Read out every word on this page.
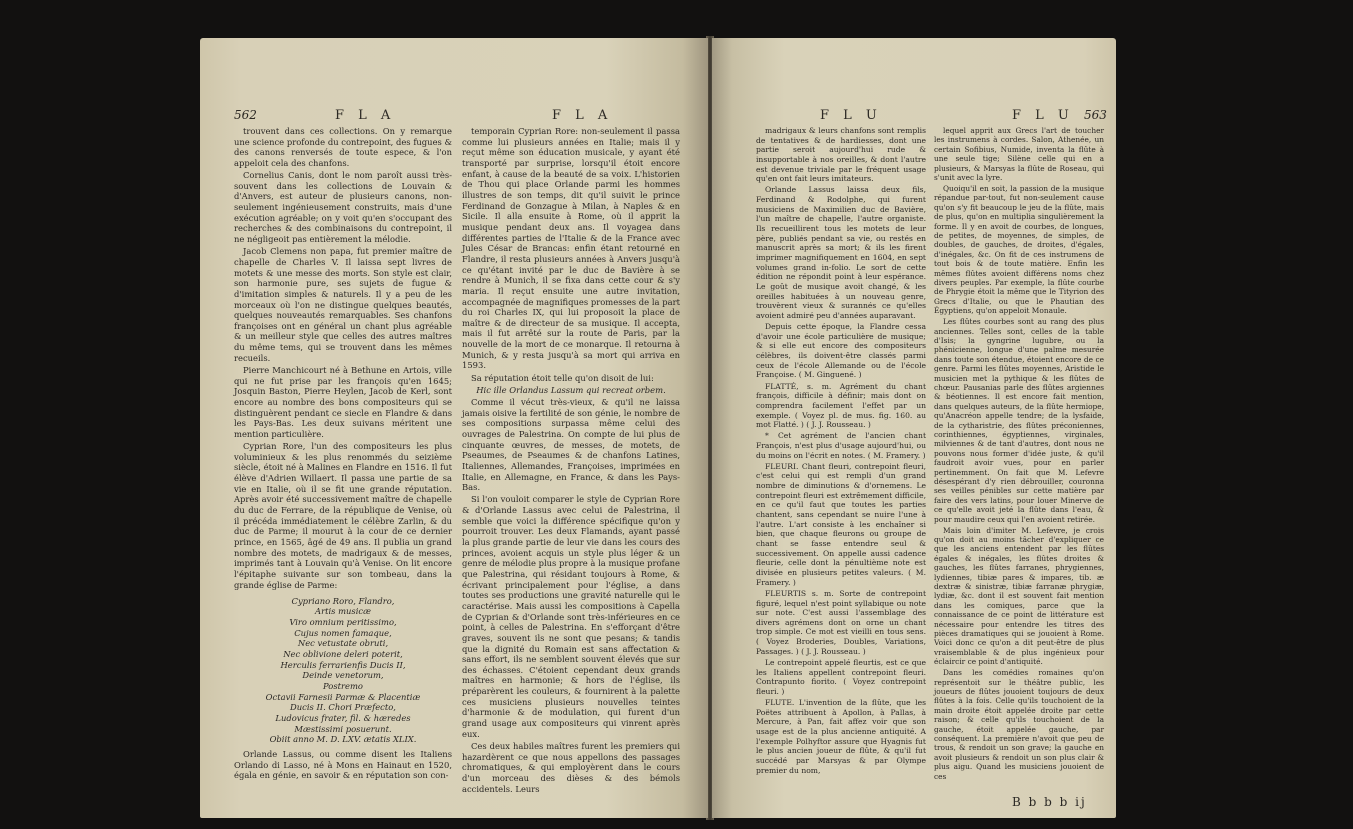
562	F L A	F L A

trouvent dans ces collections. On y remarque une science profonde du contrepoint, des fugues & des canons renversés de toute espece, & l'on appeloit cela des chanfons.

Cornelius Canis, dont le nom paroît aussi très-souvent dans les collections de Louvain & d'Anvers, est auteur de plusieurs canons, non-seulement ingénieusement construits, mais d'une exécution agréable; on y voit qu'en s'occupant des recherches & des combinaisons du contrepoint, il ne négligeoit pas entièrement la mélodie.

Jacob Clemens non papa, fut premier maître de chapelle de Charles V. Il laissa sept livres de motets & une messe des morts. Son style est clair, son harmonie pure, ses sujets de fugue & d'imitation simples & naturels. Il y a peu de les morceaux où l'on ne distingue quelques beautés, quelques nouveautés remarquables. Ses chanfons françoises ont en général un chant plus agréable & un meilleur style que celles des autres maîtres du même tems, qui se trouvent dans les mêmes recueils.

Pierre Manchicourt né à Bethune en Artois, ville qui ne fut prise par les françois qu'en 1645; Josquin Baston, Pierre Heylen, Jacob de Kerl, sont encore au nombre des bons compositeurs qui se distinguèrent pendant ce siecle en Flandre & dans les Pays-Bas. Les deux suivans méritent une mention particulière.

Cyprian Rore, l'un des compositeurs les plus voluminieux & les plus renommés du seizième siècle, étoit né à Malines en Flandre en 1516. Il fut élève d'Adrien Willaert. Il passa une partie de sa vie en Italie, où il se fit une grande réputation. Après avoir été successivement maître de chapelle du duc de Ferrare, de la république de Venise, où il précéda immédiatement le célèbre Zarlin, & du duc de Parme; il mourut à la cour de ce dernier prince, en 1565, âgé de 49 ans. Il publia un grand nombre des motets, de madrigaux & de messes, imprimés tant à Louvain qu'à Venise. On lit encore l'épitaphe suivante sur son tombeau, dans la grande église de Parme:

Cypriano Roro, Flandro,

Artis musicæ

Viro omnium peritissimo,

Cujus nomen famaque,

Nec vetustate obruti,

Nec oblivione deleri poterit,

Herculis ferrarienfis Ducis II,

Deinde venetorum,

Postremo

Octavii Farnesii Parmæ & Placentiæ

Ducis II. Chori Præfecto,

Ludovicus frater, fil. & hæredes

Mæstissimi posuerunt.

Obiit anno M. D. LXV. ætatis XLIX.

Orlande Lassus, ou comme disent les Italiens Orlando di Lasso, né à Mons en Hainaut en 1520, égala en génie, en savoir & en réputation son con-

temporain Cyprian Rore: non-seulement il passa comme lui plusieurs années en Italie; mais il y reçut même son éducation musicale, y ayant été transporté par surprise, lorsqu'il étoit encore enfant, à cause de la beauté de sa voix. L'historien de Thou qui place Orlande parmi les hommes illustres de son temps, dit qu'il suivit le prince Ferdinand de Gonzague à Milan, à Naples & en Sicile. Il alla ensuite à Rome, où il apprit la musique pendant deux ans. Il voyagea dans différentes parties de l'Italie & de la France avec Jules César de Brancas: enfin étant retourné en Flandre, il resta plusieurs années à Anvers jusqu'à ce qu'étant invité par le duc de Bavière à se rendre à Munich, il se fixa dans cette cour & s'y maria. Il reçut ensuite une autre invitation, accompagnée de magnifiques promesses de la part du roi Charles IX, qui lui proposoit la place de maître & de directeur de sa musique. Il accepta, mais il fut arrêté sur la route de Paris, par la nouvelle de la mort de ce monarque. Il retourna à Munich, & y resta jusqu'à sa mort qui arriva en 1593.

Sa réputation étoit telle qu'on disoit de lui:

Hic ille Orlandus Lassum qui recreat orbem.

Comme il vécut très-vieux, & qu'il ne laissa jamais oisive la fertilité de son génie, le nombre de ses compositions surpassa même celui des ouvrages de Palestrina. On compte de lui plus de cinquante œuvres, de messes, de motets, de Pseaumes, de Pseaumes & de chanfons Latines, Italiennes, Allemandes, Françoises, imprimées en Italie, en Allemagne, en France, & dans les Pays-Bas.

Si l'on vouloit comparer le style de Cyprian Rore & d'Orlande Lassus avec celui de Palestrina, il semble que voici la différence spécifique qu'on y pourroit trouver. Les deux Flamands, ayant passé la plus grande partie de leur vie dans les cours des princes, avoient acquis un style plus léger & un genre de mélodie plus propre à la musique profane que Palestrina, qui résidant toujours à Rome, & écrivant principalement pour l'église, a dans toutes ses productions une gravité naturelle qui le caractérise. Mais aussi les compositions à Capella de Cyprian & d'Orlande sont très-inférieures en ce point, à celles de Palestrina. En s'efforçant d'être graves, souvent ils ne sont que pesans; & tandis que la dignité du Romain est sans affectation & sans effort, ils ne semblent souvent élevés que sur des échasses. C'étoient cependant deux grands maîtres en harmonie; & hors de l'église, ils préparèrent les couleurs, & fournirent à la palette ces musiciens plusieurs nouvelles teintes d'harmonie & de modulation, qui furent d'un grand usage aux compositeurs qui vinrent après eux.

Ces deux habiles maîtres furent les premiers qui hazardèrent ce que nous appellons des passages chromatiques, & qui employèrent dans le cours d'un morceau des dièses & des bémols accidentels. Leurs

F L U	F L U 563

madrigaux & leurs chanfons sont remplis de tentatives & de hardiesses, dont une partie seroit aujourd'hui rude & insupportable à nos oreilles, & dont l'autre est devenue triviale par le fréquent usage qu'en ont fait leurs imitateurs.

Orlande Lassus laissa deux fils, Ferdinand & Rodolphe, qui furent musiciens de Maximilien duc de Bavière, l'un maître de chapelle, l'autre organiste. Ils recueillirent tous les motets de leur père, publiés pendant sa vie, ou restés en manuscrit après sa mort; & ils les firent imprimer magnifiquement en 1604, en sept volumes grand in-folio. Le sort de cette édition ne répondit point à leur espérance. Le goût de musique avoit changé, & les oreilles habituées à un nouveau genre, trouvèrent vieux & surannés ce qu'elles avoient admiré peu d'années auparavant.

Depuis cette époque, la Flandre cessa d'avoir une école particulière de musique; & si elle eut encore des compositeurs célèbres, ils doivent-être classés parmi ceux de l'école Allemande ou de l'école Françoise. ( M. Ginguené. )

FLATTÉ, s. m. Agrément du chant françois, difficile à définir; mais dont on comprendra facilement l'effet par un exemple. ( Voyez pl. de mus. fig. 160. au mot Flatté. ) ( J. J. Rousseau. )

* Cet agrément de l'ancien chant François, n'est plus d'usage aujourd'hui, ou du moins on l'écrit en notes. ( M. Framery. )

FLEURI. Chant fleuri, contrepoint fleuri, c'est celui qui est rempli d'un grand nombre de diminutions & d'ornemens. Le contrepoint fleuri est extrêmement difficile, en ce qu'il faut que toutes les parties chantent, sans cependant se nuire l'une à l'autre. L'art consiste à les enchaîner si bien, que chaque fleurons ou groupe de chant se fasse entendre seul & successivement. On appelle aussi cadence fleurie, celle dont la pénultième note est divisée en plusieurs petites valeurs. ( M. Framery. )

FLEURTIS s. m. Sorte de contrepoint figuré, lequel n'est point syllabique ou note sur note. C'est aussi l'assemblage des divers agrémens dont on orne un chant trop simple. Ce mot est vieilli en tous sens. ( Voyez Broderies, Doubles, Variations, Passages. ) ( J. J. Rousseau. )

Le contrepoint appelé fleurtis, est ce que les Italiens appellent contrepoint fleuri. Contrapunto fiorito. ( Voyez contrepoint fleuri. )

FLUTE. L'invention de la flûte, que les Poëtes attribuent à Apollon, à Pallas, à Mercure, à Pan, fait affez voir que son usage est de la plus ancienne antiquité. A l'exemple Polhyftor assure que Hyagnis fut le plus ancien joueur de flûte, & qu'il fut succédé par Marsyas & par Olympe premier du nom,

lequel apprit aux Grecs l'art de toucher les instrumens à cordes. Salon, Athenée, un certain Sofibius, Numide, inventa la flûte à une seule tige; Silène celle qui en a plusieurs, & Marsyas la flûte de Roseau, qui s'unit avec la lyre.

Quoiqu'il en soit, la passion de la musique répandue par-tout, fut non-seulement cause qu'on s'y fit beaucoup le jeu de la flûte, mais de plus, qu'on en multiplia singulièrement la forme. Il y en avoit de courbes, de longues, de petites, de moyennes, de simples, de doubles, de gauches, de droites, d'égales, d'inégales, &c. On fit de ces instrumens de tout bois & de toute matière. Enfin les mêmes flûtes avoient différens noms chez divers peuples. Par exemple, la flûte courbe de Phrygie étoit la même que le Tityrion des Grecs d'Italie, ou que le Phautian des Égyptiens, qu'on appeloit Monaule.

Les flûtes courbes sont au rang des plus anciennes. Telles sont, celles de la table d'Isis; la gyngrine lugubre, ou la phénicienne, longue d'une palme mesurée dans toute son étendue, étoient encore de ce genre. Parmi les flûtes moyennes, Aristide le musicien met la pythique & les flûtes de chœur. Pausanias parle des flûtes argiennes & béotiennes. Il est encore fait mention, dans quelques auteurs, de la flûte hermiope, qu'Anacréon appelle tendre; de la lysfaide, de la cytharistrie, des flûtes préconiennes, corinthiennes, égyptiennes, virginales, milviennes & de tant d'autres, dont nous ne pouvons nous former d'idée juste, & qu'il faudroit avoir vues, pour en parler pertinemment. On fait que M. Lefevre désespérant d'y rien débrouiller, couronna ses veilles pénibles sur cette matière par faire des vers latins, pour louer Minerve de ce qu'elle avoit jeté la flûte dans l'eau, & pour maudire ceux qui l'en avoient retirée.

Mais loin d'imiter M. Lefevre, je crois qu'on doit au moins tâcher d'expliquer ce que les anciens entendent par les flûtes égales & inégales, les flûtes droites & gauches, les flûtes farranes, phrygiennes, lydiennes, tibiæ pares & impares, tib. æ dextræ & sinistræ, tibiæ farranæ phrygiæ, lydiæ, &c. dont il est souvent fait mention dans les comiques, parce que la connaissance de ce point de littérature est nécessaire pour entendre les titres des pièces dramatiques qui se jouoient à Rome. Voici donc ce qu'on a dit peut-être de plus vraisemblable & de plus ingénieux pour éclaircir ce point d'antiquité.

Dans les comédies romaines qu'on représentoit sur le théâtre public, les joueurs de flûtes jouoient toujours de deux flûtes à la fois. Celle qu'ils touchoient de la main droite étoit appelée droite par cette raison; & celle qu'ils touchoient de la gauche, étoit appelée gauche, par conséquent. La première n'avoit que peu de trous, & rendoit un son grave; la gauche en avoit plusieurs & rendoit un son plus clair & plus aigu. Quand les musiciens jouoient de ces

B b b b ij
